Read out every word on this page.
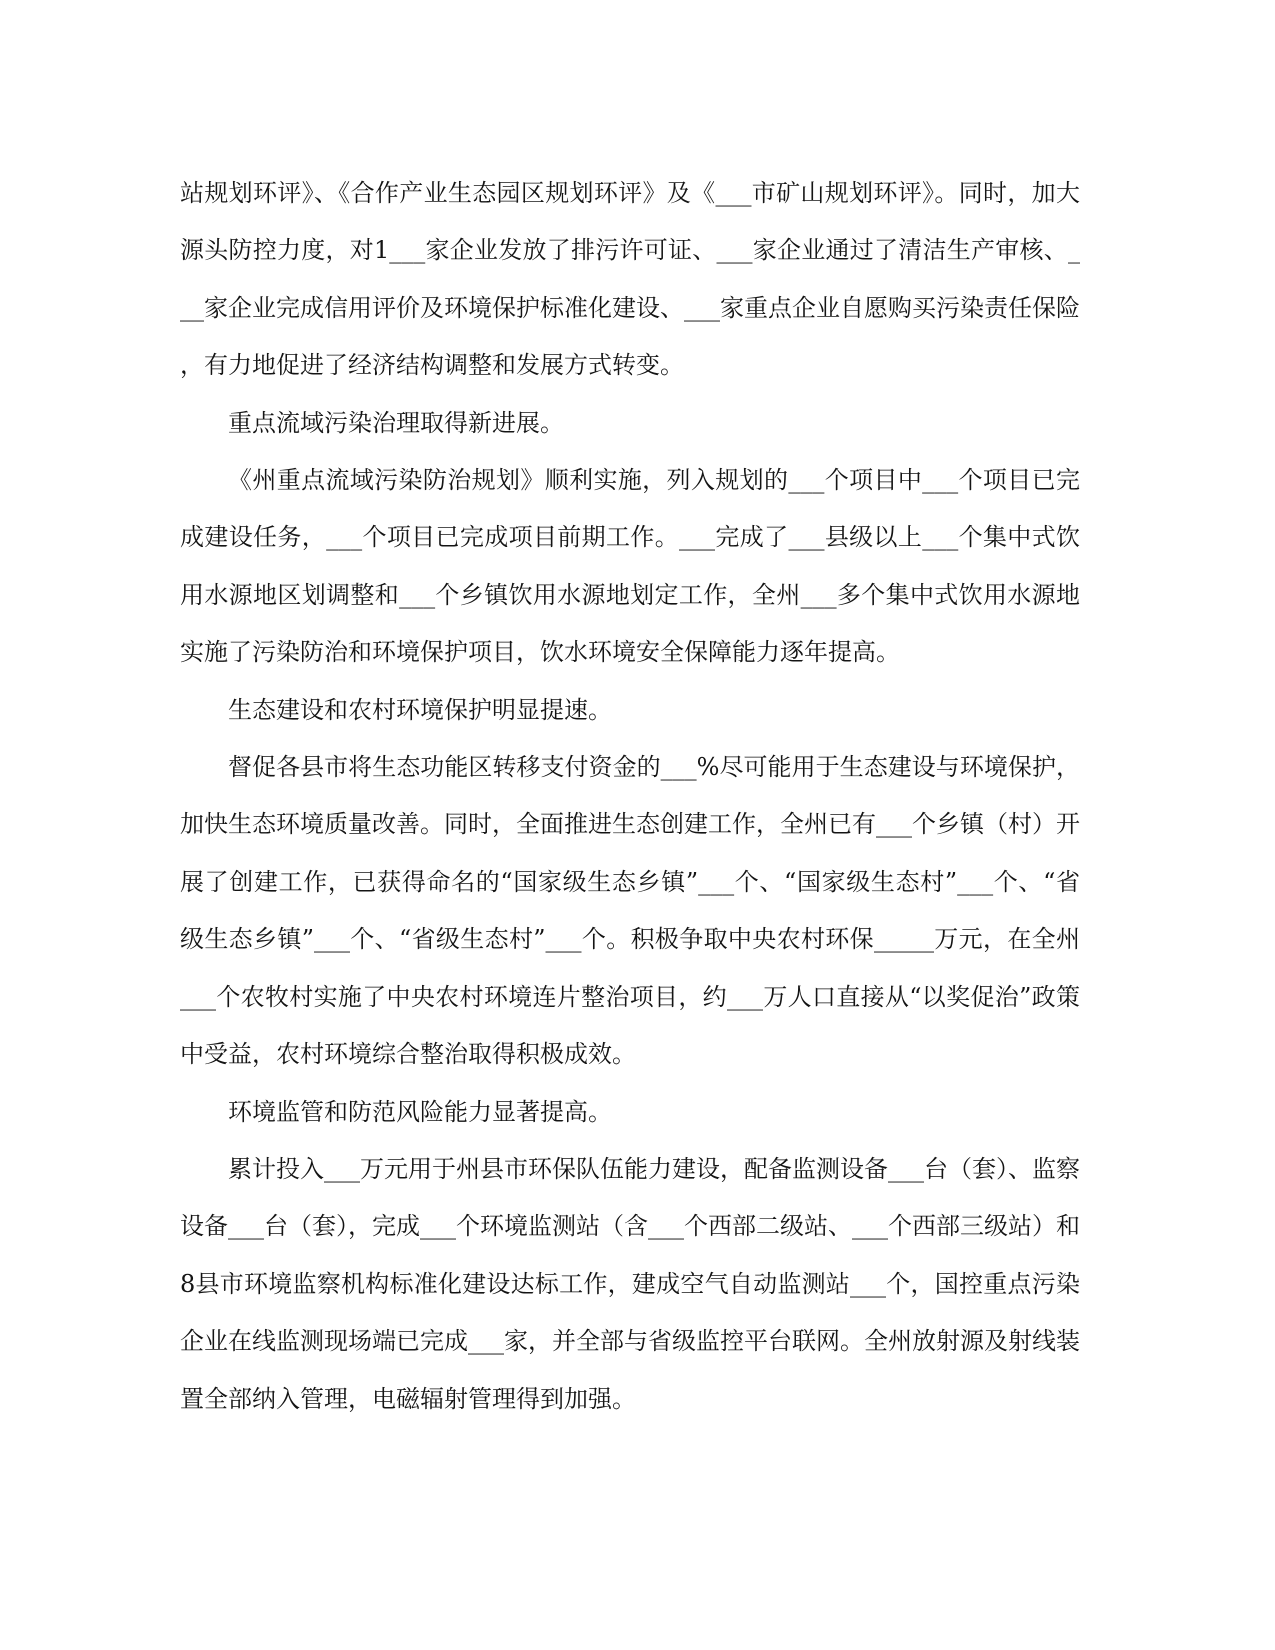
站规划环评》、《合作产业生态园区规划环评》及《___市矿山规划环评》。同时，加大源头防控力度，对1___家企业发放了排污许可证、___家企业通过了清洁生产审核、___家企业完成信用评价及环境保护标准化建设、___家重点企业自愿购买污染责任保险，有力地促进了经济结构调整和发展方式转变。

重点流域污染治理取得新进展。

《州重点流域污染防治规划》顺利实施，列入规划的___个项目中___个项目已完成建设任务，___个项目已完成项目前期工作。___完成了___县级以上___个集中式饮用水源地区划调整和___个乡镇饮用水源地划定工作，全州___多个集中式饮用水源地实施了污染防治和环境保护项目，饮水环境安全保障能力逐年提高。

生态建设和农村环境保护明显提速。

督促各县市将生态功能区转移支付资金的___%尽可能用于生态建设与环境保护，加快生态环境质量改善。同时，全面推进生态创建工作，全州已有___个乡镇（村）开展了创建工作，已获得命名的“国家级生态乡镇”___个、“国家级生态村”___个、“省级生态乡镇”___个、“省级生态村”___个。积极争取中央农村环保_____万元，在全州___个农牧村实施了中央农村环境连片整治项目，约___万人口直接从“以奖促治”政策中受益，农村环境综合整治取得积极成效。

环境监管和防范风险能力显著提高。

累计投入___万元用于州县市环保队伍能力建设，配备监测设备___台（套）、监察设备___台（套），完成___个环境监测站（含___个西部二级站、___个西部三级站）和8县市环境监察机构标准化建设达标工作，建成空气自动监测站___个，国控重点污染企业在线监测现场端已完成___家，并全部与省级监控平台联网。全州放射源及射线装置全部纳入管理，电磁辐射管理得到加强。
